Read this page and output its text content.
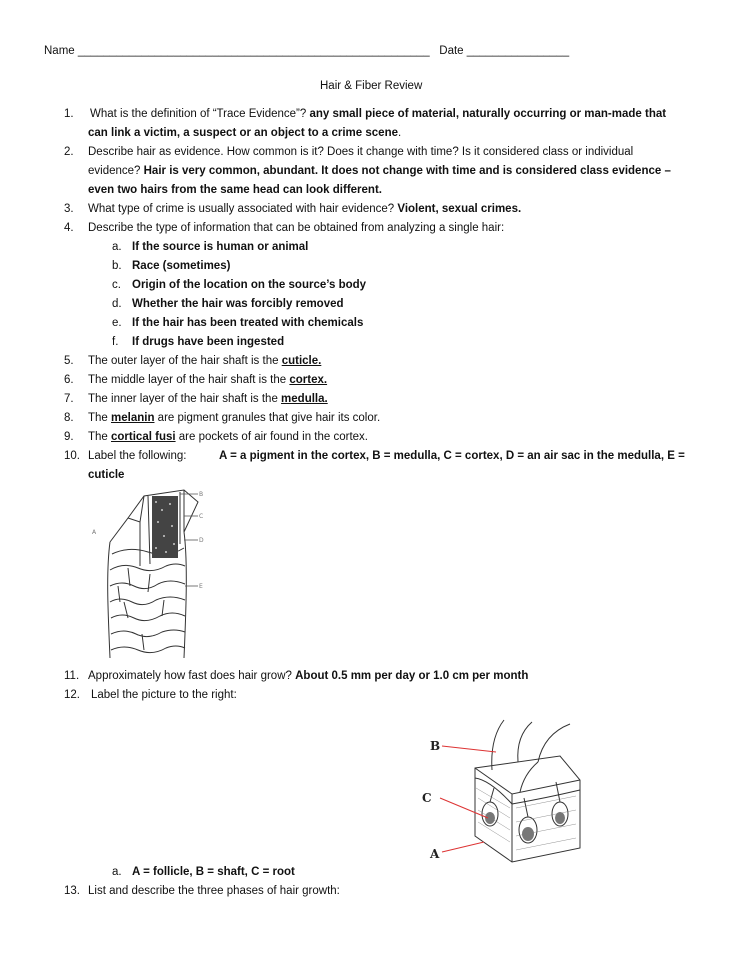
Name _______________________________________________________ Date ________________
Hair & Fiber Review
1. What is the definition of “Trace Evidence”? any small piece of material, naturally occurring or man-made that
can link a victim, a suspect or an object to a crime scene.
2. Describe hair as evidence. How common is it? Does it change with time? Is it considered class or individual
evidence? Hair is very common, abundant. It does not change with time and is considered class evidence –
even two hairs from the same head can look different.
3. What type of crime is usually associated with hair evidence? Violent, sexual crimes.
4. Describe the type of information that can be obtained from analyzing a single hair:
a. If the source is human or animal
b. Race (sometimes)
c. Origin of the location on the source’s body
d. Whether the hair was forcibly removed
e. If the hair has been treated with chemicals
f. If drugs have been ingested
5. The outer layer of the hair shaft is the cuticle.
6. The middle layer of the hair shaft is the cortex.
7. The inner layer of the hair shaft is the medulla.
8. The melanin are pigment granules that give hair its color.
9. The cortical fusi are pockets of air found in the cortex.
10. Label the following:	A = a pigment in the cortex, B = medulla, C = cortex, D = an air sac in the medulla, E =
cuticle
B
C
D
E
A
11. Approximately how fast does hair grow? About 0.5 mm per day or 1.0 cm per month
12. Label the picture to the right:
B
C
A
a. A = follicle, B = shaft, C = root
13. List and describe the three phases of hair growth:
